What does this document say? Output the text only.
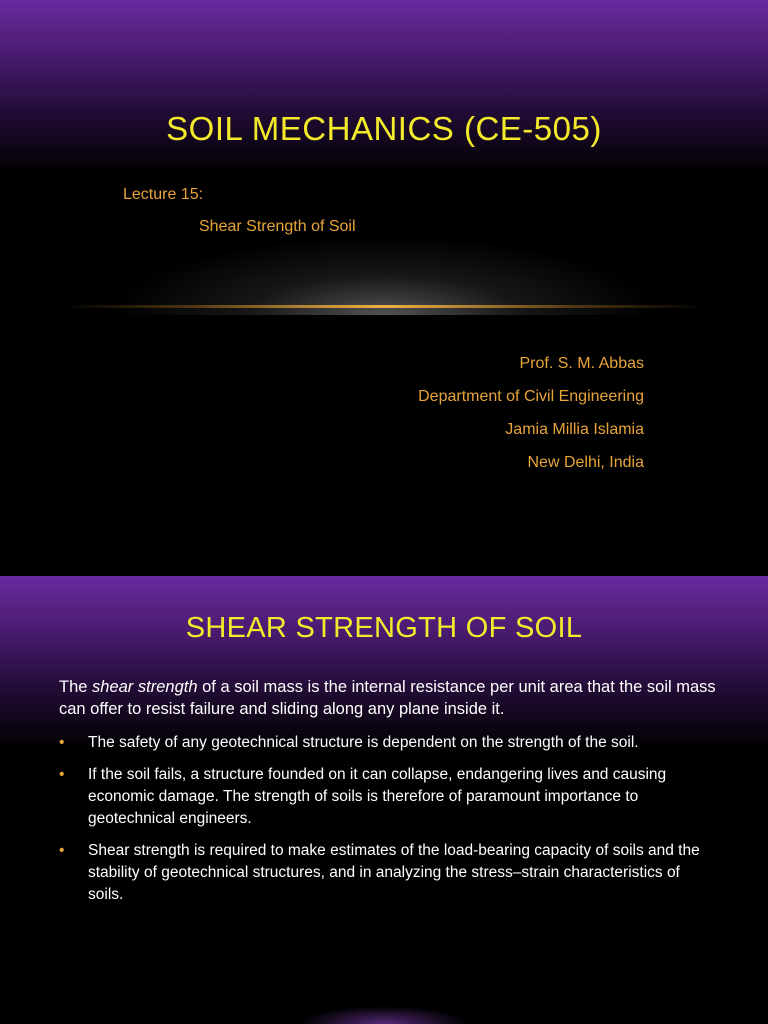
SOIL MECHANICS (CE-505)
Lecture 15:
Shear Strength of Soil
Prof. S. M. Abbas
Department of Civil Engineering
Jamia Millia Islamia
New Delhi, India
SHEAR STRENGTH OF SOIL
The shear strength of a soil mass is the internal resistance per unit area that the soil mass can offer to resist failure and sliding along any plane inside it.
• The safety of any geotechnical structure is dependent on the strength of the soil.
• If the soil fails, a structure founded on it can collapse, endangering lives and causing economic damage. The strength of soils is therefore of paramount importance to geotechnical engineers.
• Shear strength is required to make estimates of the load-bearing capacity of soils and the stability of geotechnical structures, and in analyzing the stress–strain characteristics of soils.
